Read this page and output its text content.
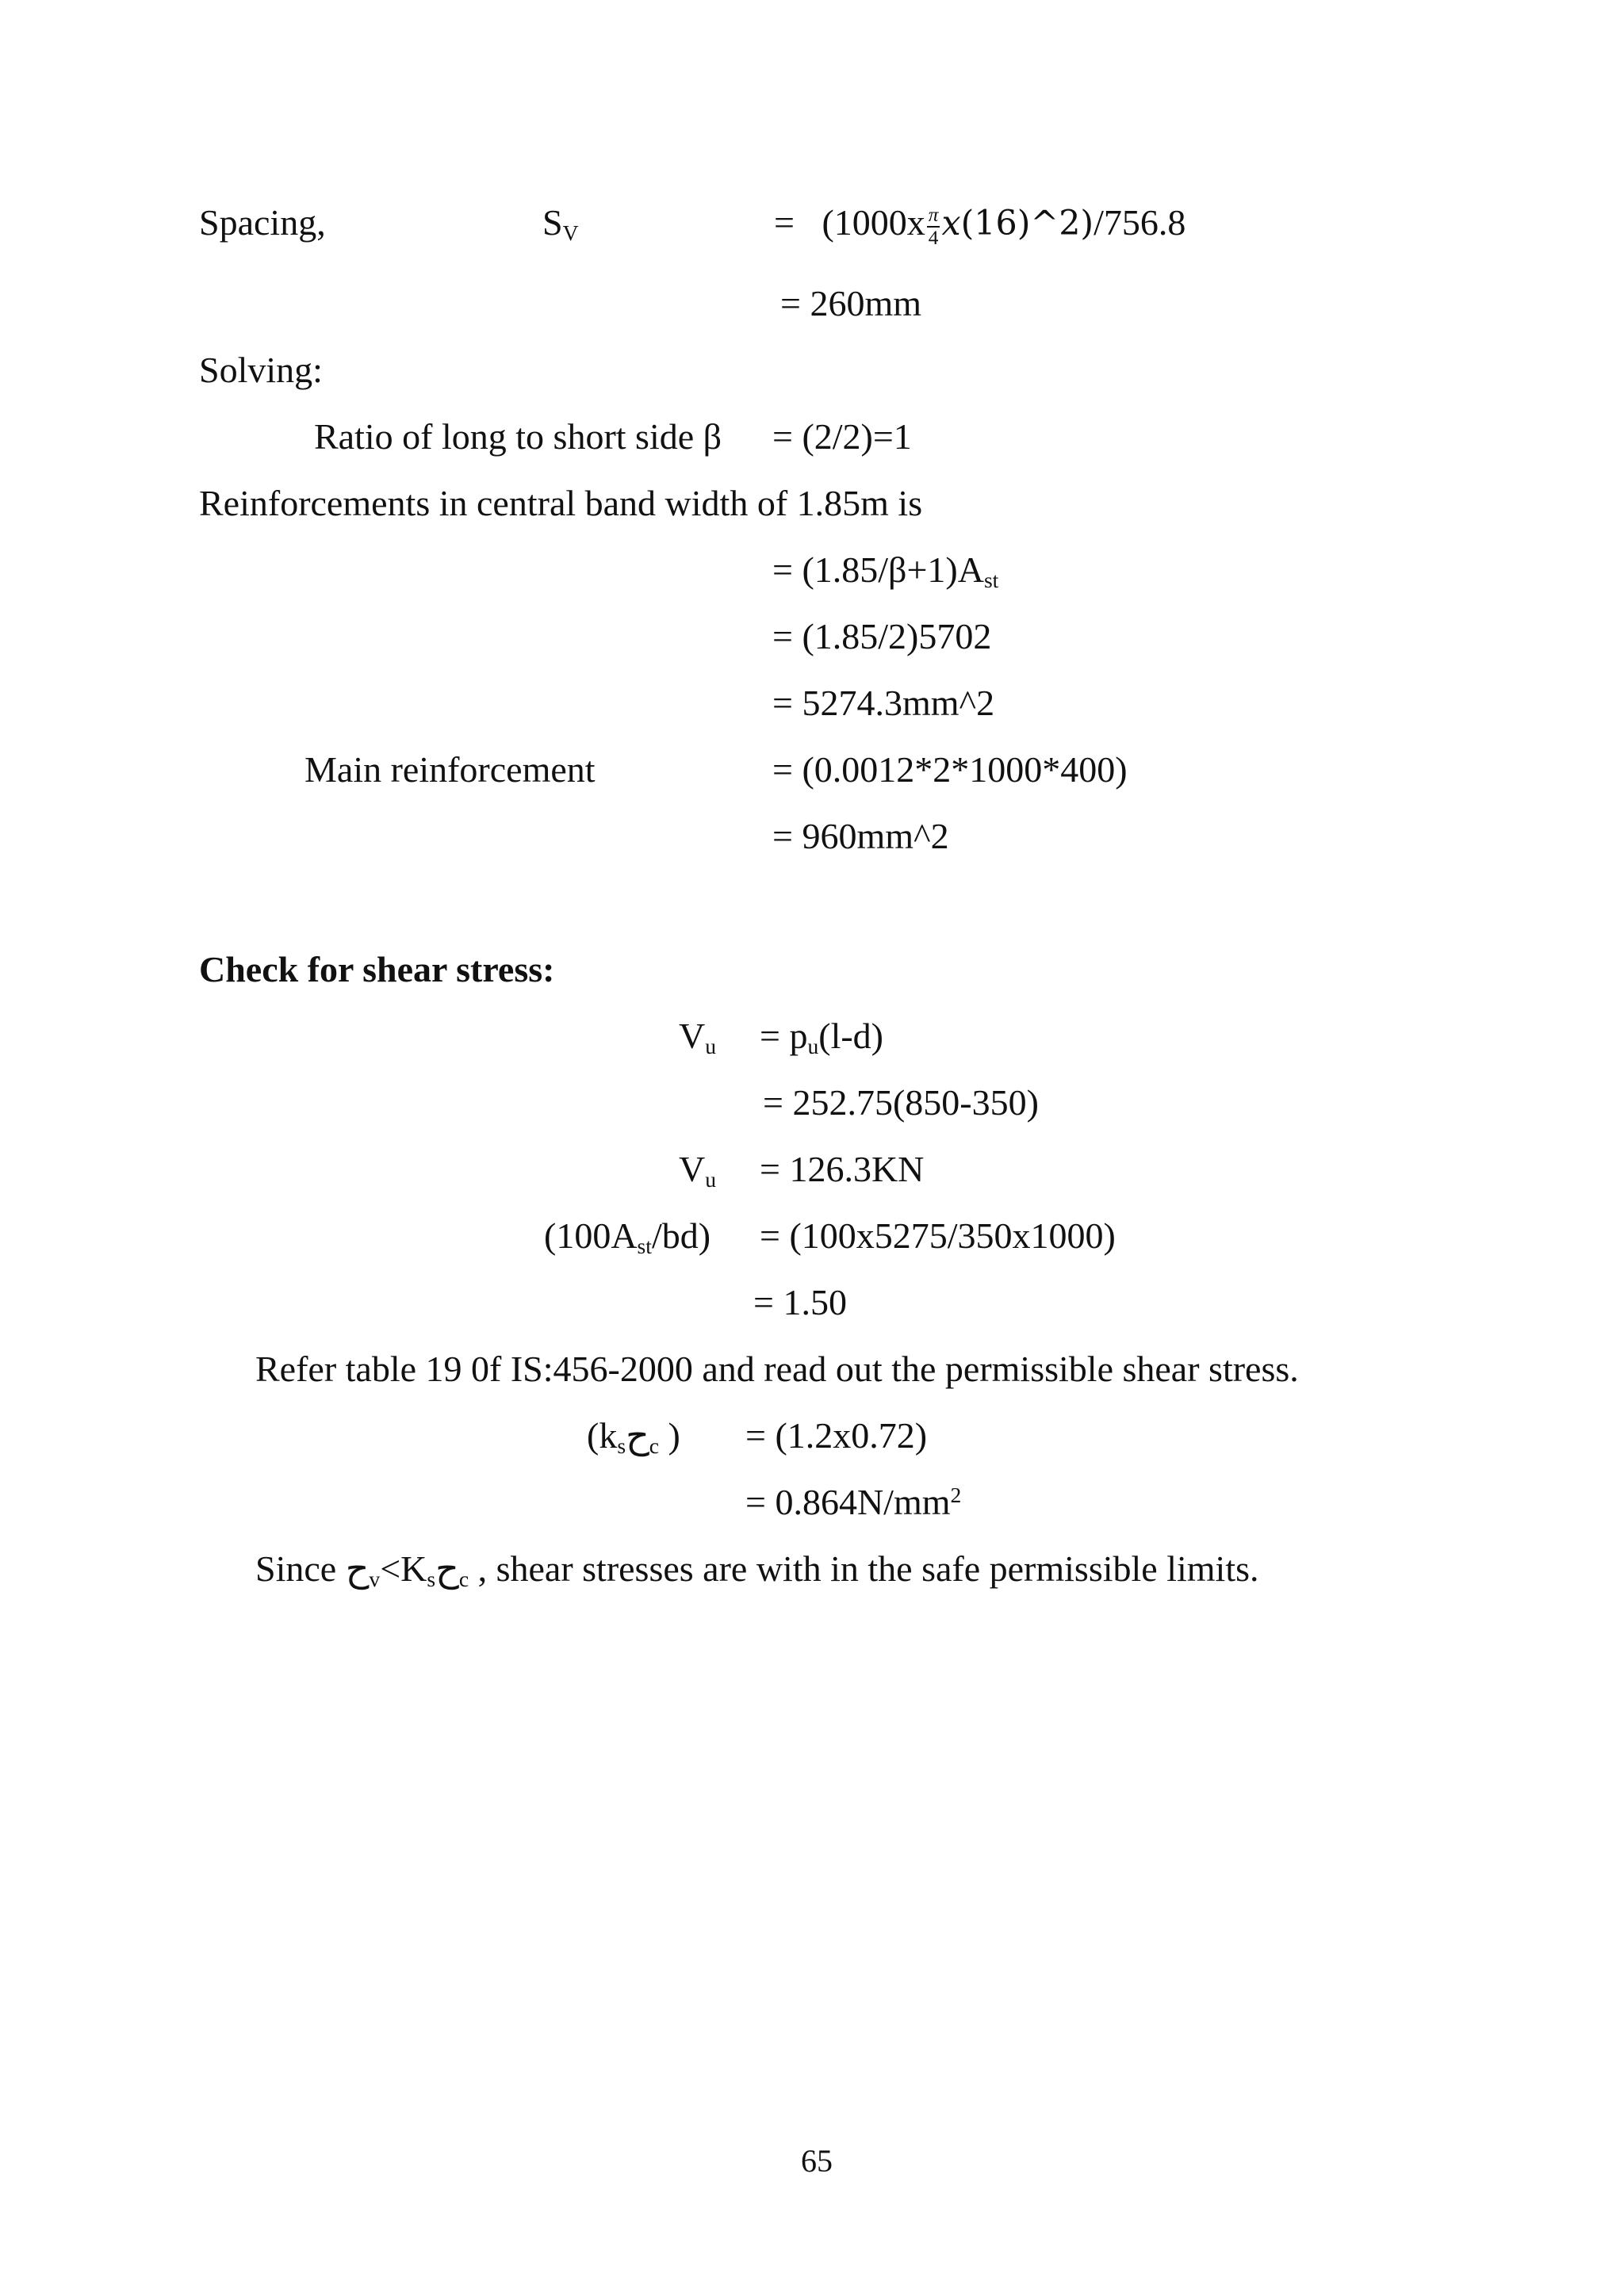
Spacing,	$S_V$	= ($1000x \frac{\pi}{4}$ x(16)^2)/756.8
= 260mm
Solving:
Ratio of long to short side β = (2/2)=1
Reinforcements in central band width of 1.85m is
= $(1.85/\beta+1)A_{st}$
= (1.85/2)5702
= 5274.3mm^2
Main reinforcement	= (0.0012*2*1000*400)
= 960mm^2
Check for shear stress:
$V_u = p_u(l-d)$
= 252.75(850-350)
$V_u = 126.3KN$
$(100A_{st}/bd) = (100x5275/350x1000)$
= 1.50
Refer table 19 0f IS:456-2000 and read out the permissible shear stress.
($k_sح_c$ ) = (1.2x0.72)
= $0.864N/mm^2$
Since $ح_v<K_sح_c$ , shear stresses are with in the safe permissible limits.
65
